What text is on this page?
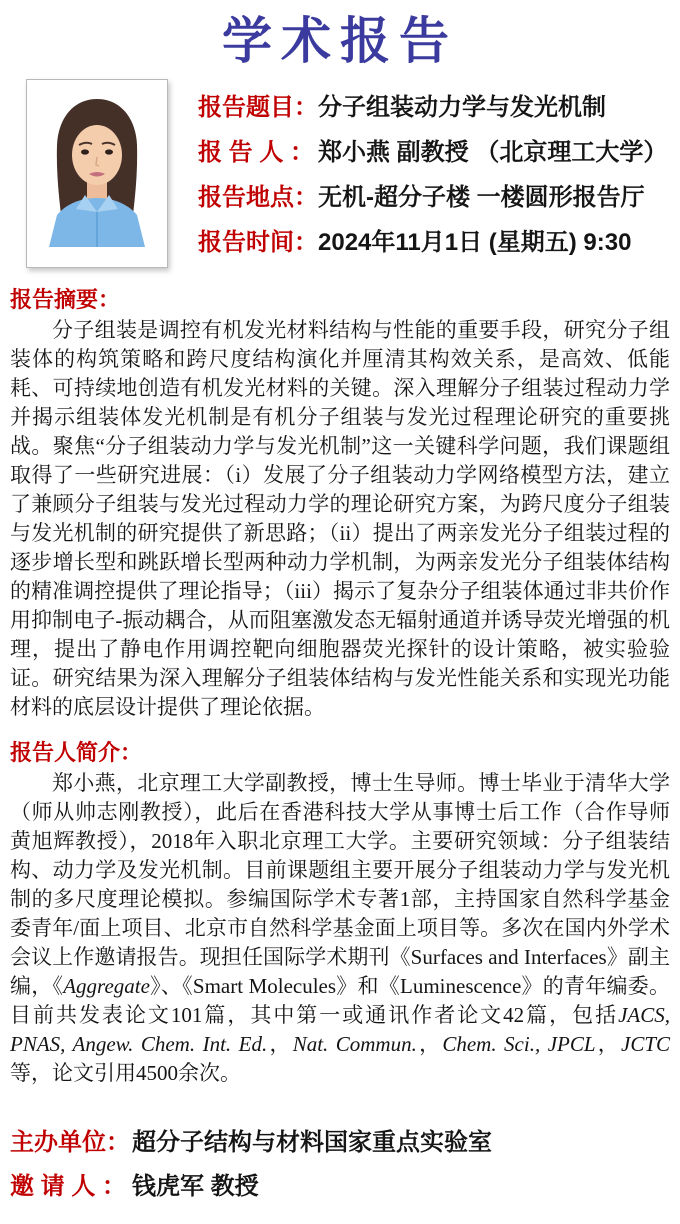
学术报告
报告题目： 分子组装动力学与发光机制
报 告 人 ： 郑小燕 副教授 （北京理工大学）
报告地点： 无机-超分子楼 一楼圆形报告厅
报告时间： 2024年11月1日 (星期五) 9:30
报告摘要：

分子组装是调控有机发光材料结构与性能的重要手段，研究分子组装体的构筑策略和跨尺度结构演化并厘清其构效关系，是高效、低能耗、可持续地创造有机发光材料的关键。深入理解分子组装过程动力学并揭示组装体发光机制是有机分子组装与发光过程理论研究的重要挑战。聚焦“分子组装动力学与发光机制”这一关键科学问题，我们课题组取得了一些研究进展：（i）发展了分子组装动力学网络模型方法，建立了兼顾分子组装与发光过程动力学的理论研究方案，为跨尺度分子组装与发光机制的研究提供了新思路；（ii）提出了两亲发光分子组装过程的逐步增长型和跳跃增长型两种动力学机制，为两亲发光分子组装体结构的精准调控提供了理论指导；（iii）揭示了复杂分子组装体通过非共价作用抑制电子-振动耦合，从而阻塞激发态无辐射通道并诱导荧光增强的机理，提出了静电作用调控靶向细胞器荧光探针的设计策略，被实验验证。研究结果为深入理解分子组装体结构与发光性能关系和实现光功能材料的底层设计提供了理论依据。

报告人简介：

郑小燕，北京理工大学副教授，博士生导师。博士毕业于清华大学（师从帅志刚教授），此后在香港科技大学从事博士后工作（合作导师黄旭辉教授），2018年入职北京理工大学。主要研究领域：分子组装结构、动力学及发光机制。目前课题组主要开展分子组装动力学与发光机制的多尺度理论模拟。参编国际学术专著1部，主持国家自然科学基金委青年/面上项目、北京市自然科学基金面上项目等。多次在国内外学术会议上作邀请报告。现担任国际学术期刊《Surfaces and Interfaces》副主编，《Aggregate》、《Smart Molecules》和《Luminescence》的青年编委。目前共发表论文101篇，其中第一或通讯作者论文42篇，包括JACS, PNAS, Angew. Chem. Int. Ed.，Nat. Commun.，Chem. Sci., JPCL，JCTC等，论文引用4500余次。

主办单位： 超分子结构与材料国家重点实验室
邀 请 人 ： 钱虎军 教授
